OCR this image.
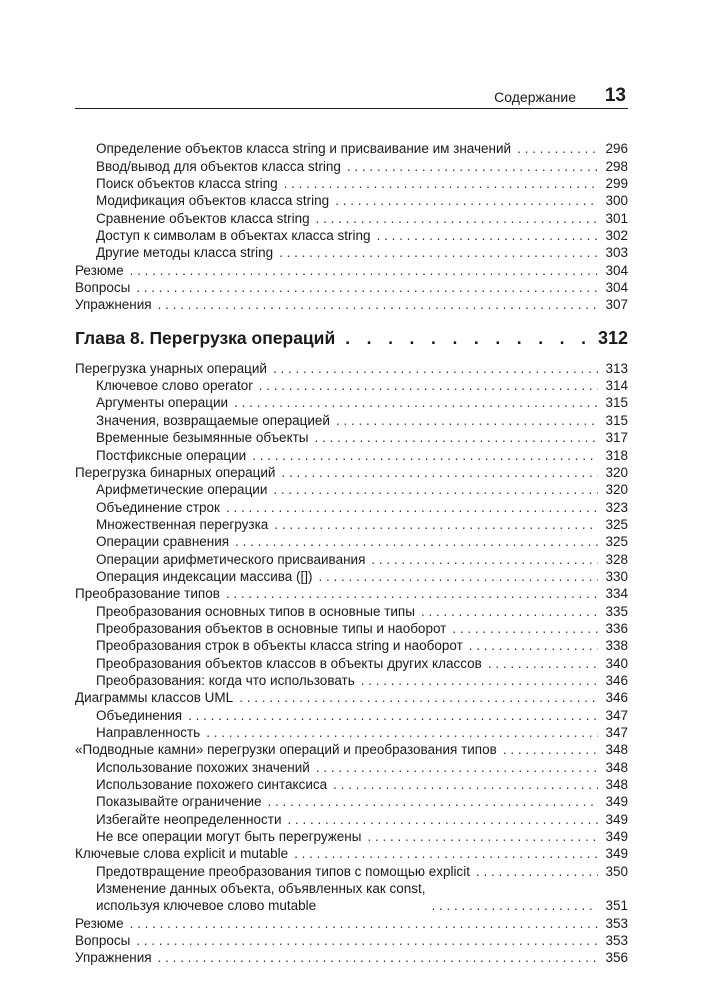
Содержание 13
Определение объектов класса string и присваивание им значений . . .	296
Ввод/вывод для объектов класса string . . .	298
Поиск объектов класса string . . .	299
Модификация объектов класса string . . .	300
Сравнение объектов класса string . . .	301
Доступ к символам в объектах класса string . . .	302
Другие методы класса string . . .	303
Резюме . . .	304
Вопросы . . .	304
Упражнения . . .	307
Глава 8. Перегрузка операций . .	312
Перегрузка унарных операций . . .	313
Ключевое слово operator . . .	314
Аргументы операции . . .	315
Значения, возвращаемые операцией . . .	315
Временные безымянные объекты . . .	317
Постфиксные операции . . .	318
Перегрузка бинарных операций . . .	320
Арифметические операции . . .	320
Объединение строк . . .	323
Множественная перегрузка . . .	325
Операции сравнения . . .	325
Операции арифметического присваивания . . .	328
Операция индексации массива ([]) . . .	330
Преобразование типов . . .	334
Преобразования основных типов в основные типы . . .	335
Преобразования объектов в основные типы и наоборот . . .	336
Преобразования строк в объекты класса string и наоборот . . .	338
Преобразования объектов классов в объекты других классов . . .	340
Преобразования: когда что использовать . . .	346
Диаграммы классов UML . . .	346
Объединения . . .	347
Направленность . . .	347
«Подводные камни» перегрузки операций и преобразования типов . . .	348
Использование похожих значений . . .	348
Использование похожего синтаксиса . . .	348
Показывайте ограничение . . .	349
Избегайте неопределенности . . .	349
Не все операции могут быть перегружены . . .	349
Ключевые слова explicit и mutable . . .	349
Предотвращение преобразования типов с помощью explicit . . .	350
Изменение данных объекта, объявленных как const,
используя ключевое слово mutable . . .	351
Резюме . . .	353
Вопросы . . .	353
Упражнения . . .	356
